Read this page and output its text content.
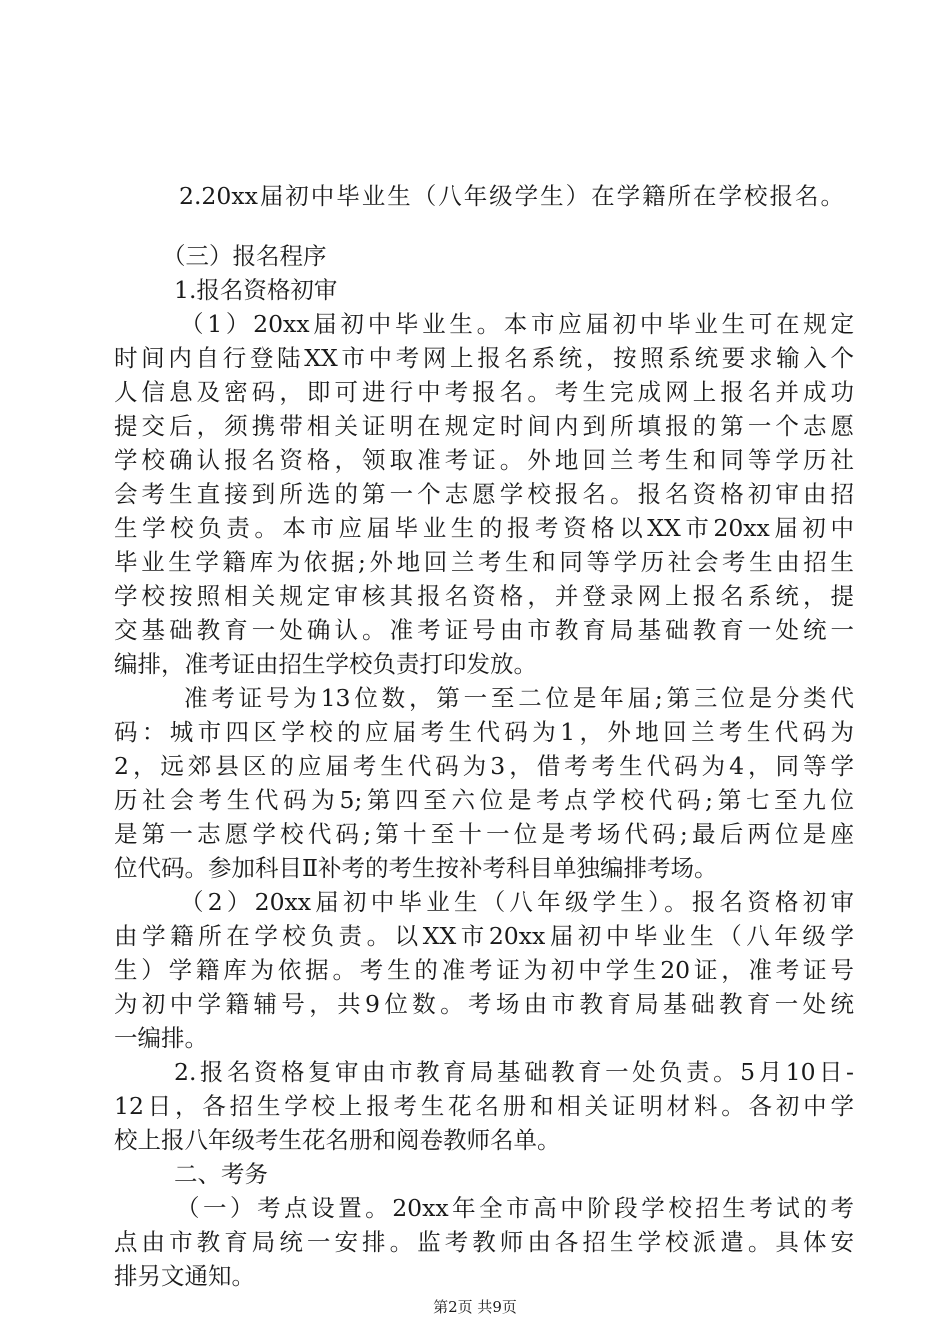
2.20xx届初中毕业生（八年级学生）在学籍所在学校报名。

（三）报名程序

1.报名资格初审

（1）20xx届初中毕业生。本市应届初中毕业生可在规定

时间内自行登陆XX市中考网上报名系统，按照系统要求输入个

人信息及密码，即可进行中考报名。考生完成网上报名并成功

提交后，须携带相关证明在规定时间内到所填报的第一个志愿

学校确认报名资格，领取准考证。外地回兰考生和同等学历社

会考生直接到所选的第一个志愿学校报名。报名资格初审由招

生学校负责。本市应届毕业生的报考资格以XX市20xx届初中

毕业生学籍库为依据;外地回兰考生和同等学历社会考生由招生

学校按照相关规定审核其报名资格，并登录网上报名系统，提

交基础教育一处确认。准考证号由市教育局基础教育一处统一

编排，准考证由招生学校负责打印发放。

准考证号为13位数，第一至二位是年届;第三位是分类代

码：城市四区学校的应届考生代码为1，外地回兰考生代码为

2，远郊县区的应届考生代码为3，借考考生代码为4，同等学

历社会考生代码为5;第四至六位是考点学校代码;第七至九位

是第一志愿学校代码;第十至十一位是考场代码;最后两位是座

位代码。参加科目Ⅱ补考的考生按补考科目单独编排考场。

（2）20xx届初中毕业生（八年级学生）。报名资格初审

由学籍所在学校负责。以XX市20xx届初中毕业生（八年级学

生）学籍库为依据。考生的准考证为初中学生20证，准考证号

为初中学籍辅号，共9位数。考场由市教育局基础教育一处统

一编排。

2.报名资格复审由市教育局基础教育一处负责。5月10日-

12日，各招生学校上报考生花名册和相关证明材料。各初中学

校上报八年级考生花名册和阅卷教师名单。

二、考务

（一）考点设置。20xx年全市高中阶段学校招生考试的考

点由市教育局统一安排。监考教师由各招生学校派遣。具体安

排另文通知。

第2页 共9页
